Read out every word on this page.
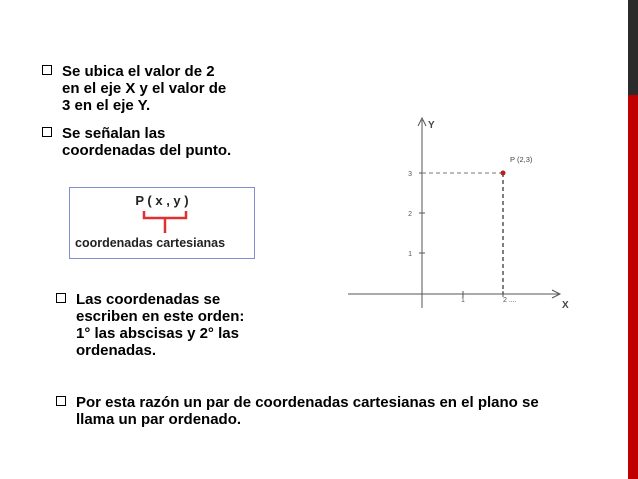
Se ubica el valor de 2
en el eje X y el valor de
3 en el eje Y.
Se señalan las
coordenadas del punto.
P ( x , y )
coordenadas cartesianas
Las coordenadas se
escriben en este orden:
1° las abscisas y 2° las
ordenadas.
Por esta razón un par de coordenadas cartesianas en el plano se
llama un par ordenado.
Y
X
1
2
3
1	2 ....
P (2,3)
